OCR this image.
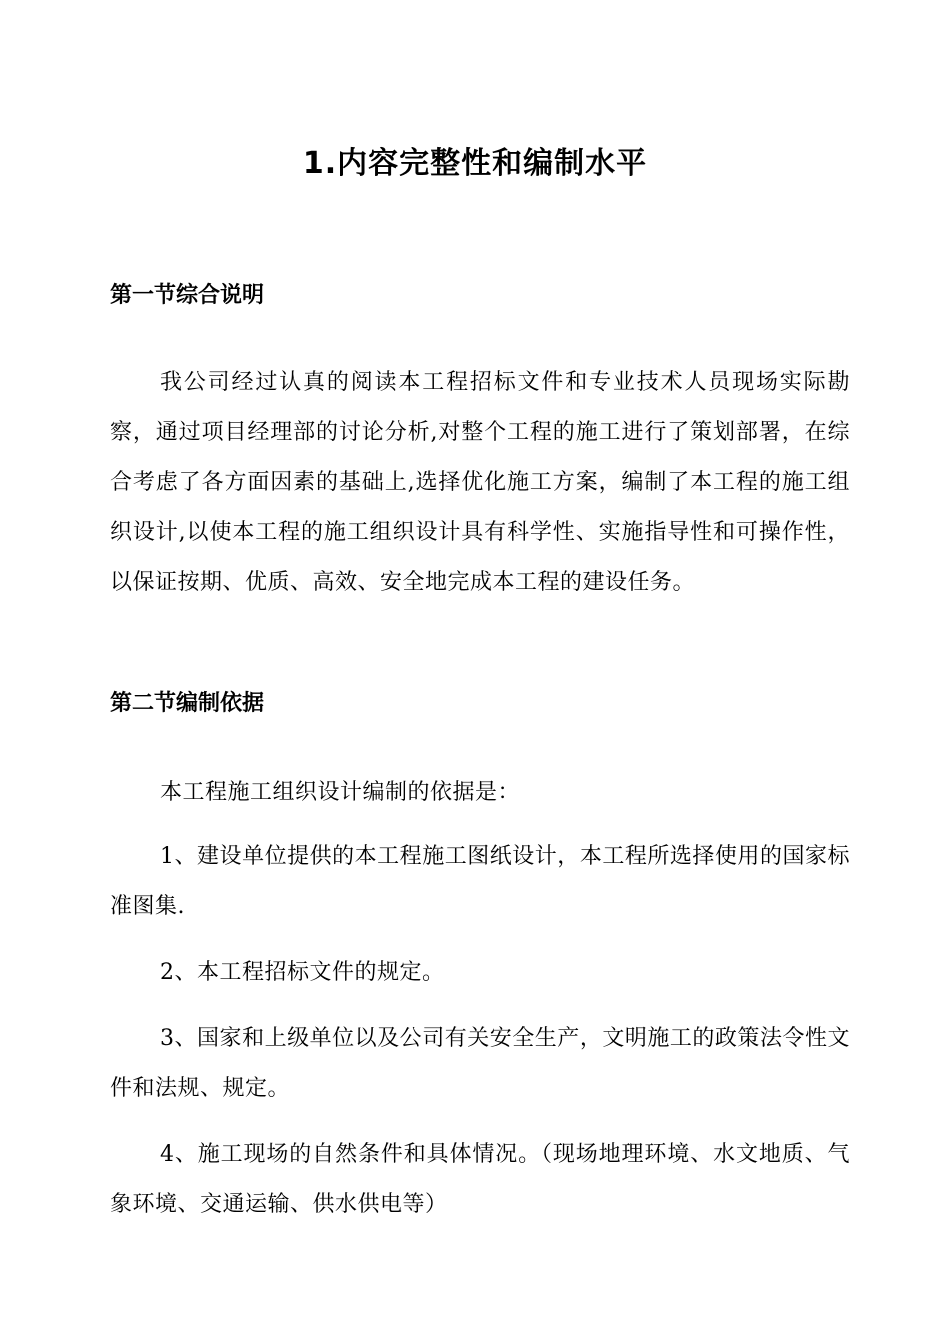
1.内容完整性和编制水平
第一节综合说明
我公司经过认真的阅读本工程招标文件和专业技术人员现场实际勘察，通过项目经理部的讨论分析,对整个工程的施工进行了策划部署，在综合考虑了各方面因素的基础上,选择优化施工方案，编制了本工程的施工组织设计,以使本工程的施工组织设计具有科学性、实施指导性和可操作性，以保证按期、优质、高效、安全地完成本工程的建设任务。
第二节编制依据
本工程施工组织设计编制的依据是：
1、建设单位提供的本工程施工图纸设计，本工程所选择使用的国家标准图集.
2、本工程招标文件的规定。
3、国家和上级单位以及公司有关安全生产，文明施工的政策法令性文件和法规、规定。
4、施工现场的自然条件和具体情况。（现场地理环境、水文地质、气象环境、交通运输、供水供电等）
